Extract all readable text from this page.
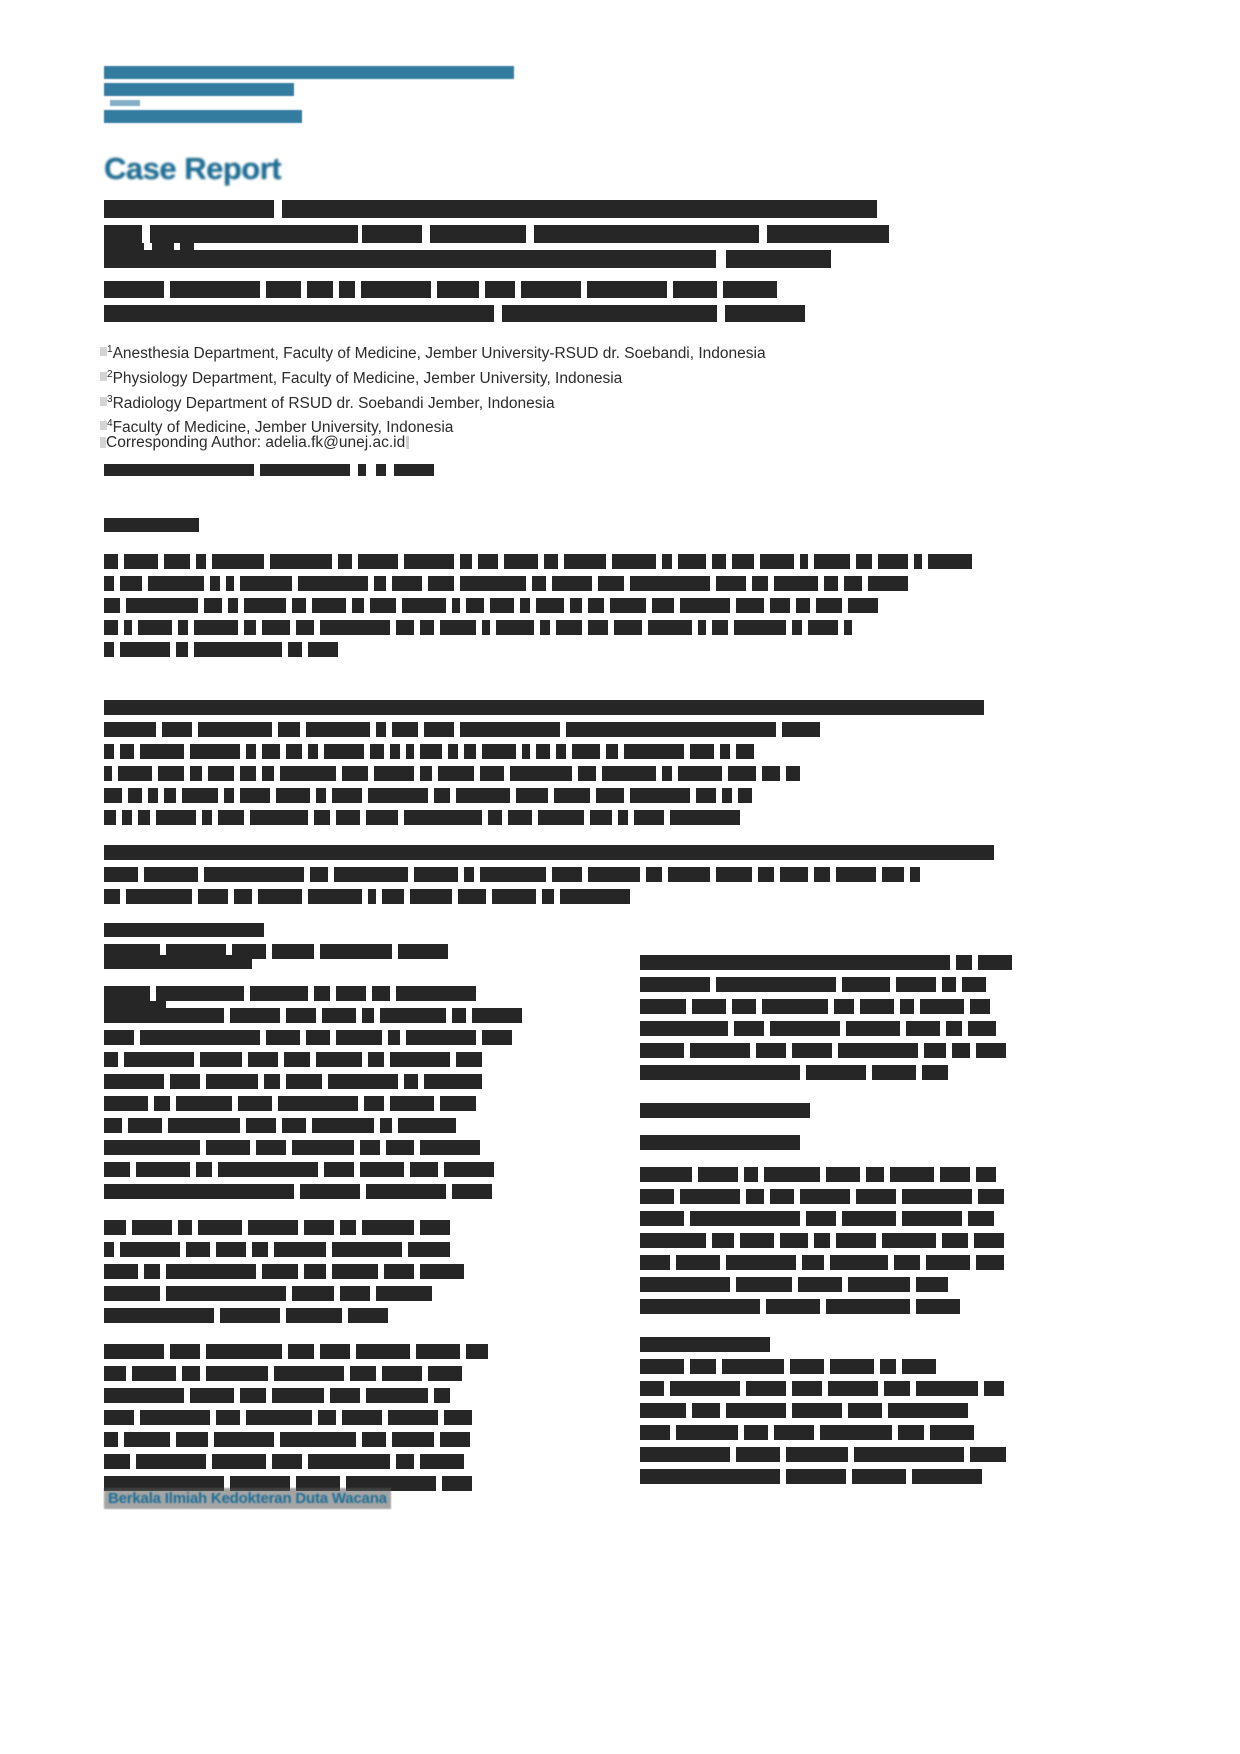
Case Report
$^1$Anesthesia Department, Faculty of Medicine, Jember University-RSUD dr. Soebandi, Indonesia
$^2$Physiology Department, Faculty of Medicine, Jember University, Indonesia
$^3$Radiology Department of RSUD dr. Soebandi Jember, Indonesia
$^4$Faculty of Medicine, Jember University, Indonesia
Corresponding Author: adelia.fk@unej.ac.id
Berkala Ilmiah Kedokteran Duta Wacana
